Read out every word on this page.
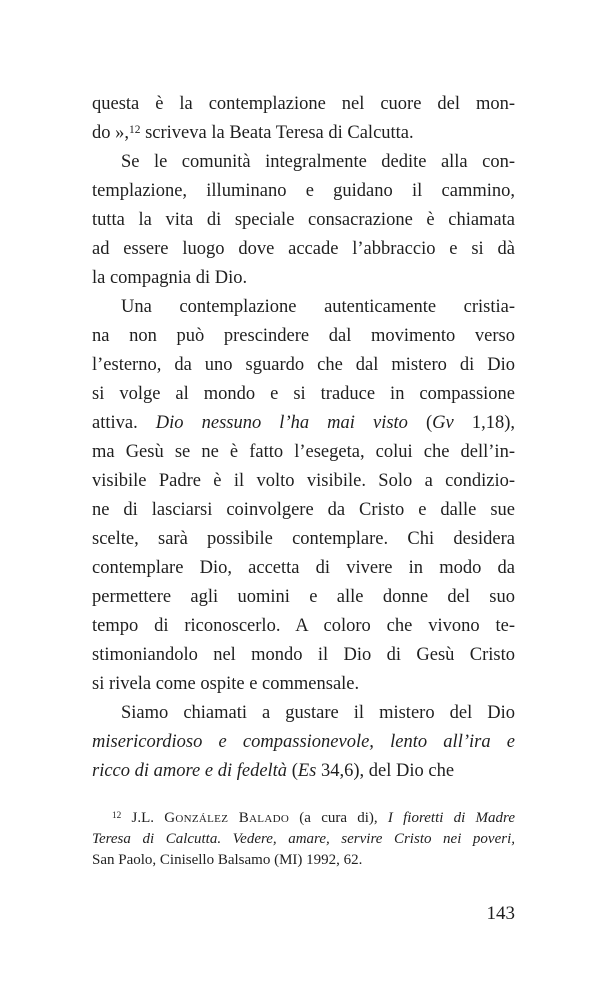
questa è la contemplazione nel cuore del mon-
do »,$^{12}$ scriveva la Beata Teresa di Calcutta.
Se le comunità integralmente dedite alla con-
templazione, illuminano e guidano il cammino,
tutta la vita di speciale consacrazione è chiamata
ad essere luogo dove accade l’abbraccio e si dà
la compagnia di Dio.
Una contemplazione autenticamente cristia-
na non può prescindere dal movimento verso
l’esterno, da uno sguardo che dal mistero di Dio
si volge al mondo e si traduce in compassione
attiva. Dio nessuno l’ha mai visto (Gv 1,18),
ma Gesù se ne è fatto l’esegeta, colui che dell’in-
visibile Padre è il volto visibile. Solo a condizio-
ne di lasciarsi coinvolgere da Cristo e dalle sue
scelte, sarà possibile contemplare. Chi desidera
contemplare Dio, accetta di vivere in modo da
permettere agli uomini e alle donne del suo
tempo di riconoscerlo. A coloro che vivono te-
stimoniandolo nel mondo il Dio di Gesù Cristo
si rivela come ospite e commensale.
Siamo chiamati a gustare il mistero del Dio
misericordioso e compassionevole, lento all’ira e
ricco di amore e di fedeltà (Es 34,6), del Dio che
$^{12}$ J.L. González Balado (a cura di), I fioretti di Madre
Teresa di Calcutta. Vedere, amare, servire Cristo nei poveri,
San Paolo, Cinisello Balsamo (MI) 1992, 62.
143
